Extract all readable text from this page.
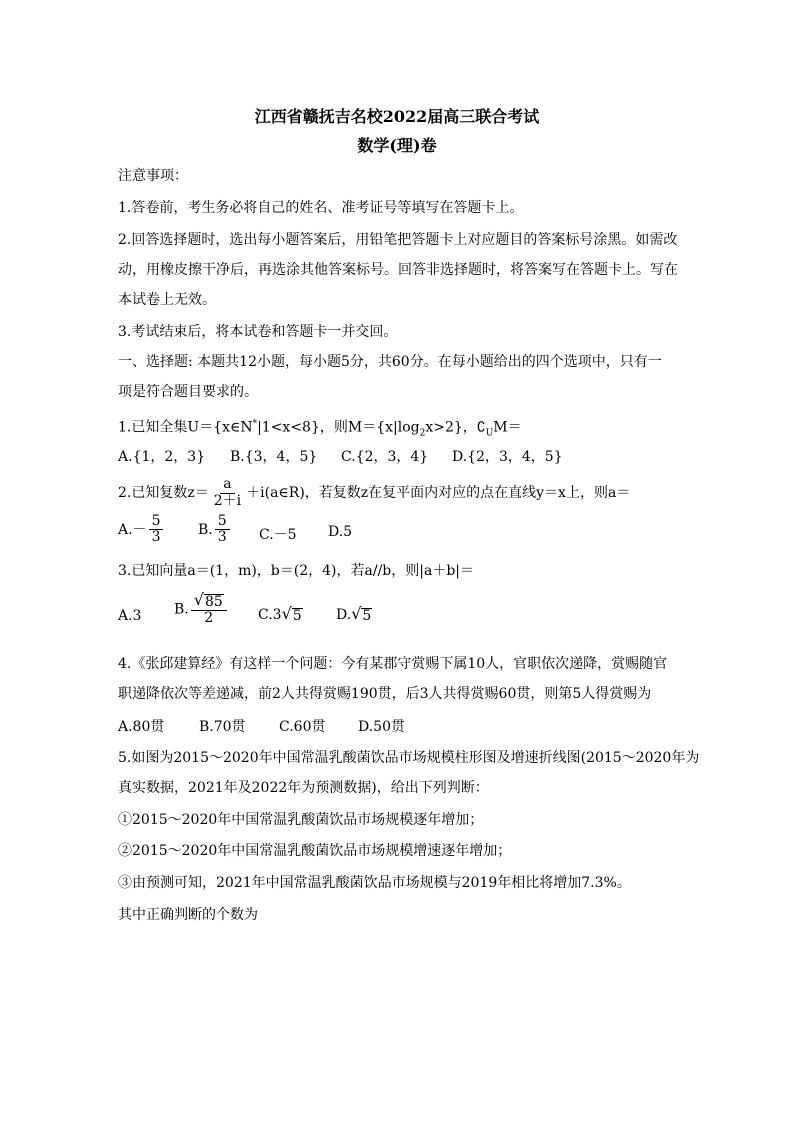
江西省赣抚吉名校2022届高三联合考试
数学(理)卷
注意事项：
1.答卷前，考生务必将自己的姓名、准考证号等填写在答题卡上。
2.回答选择题时，选出每小题答案后，用铅笔把答题卡上对应题目的答案标号涂黑。如需改
动，用橡皮擦干净后，再选涂其他答案标号。回答非选择题时，将答案写在答题卡上。写在
本试卷上无效。
3.考试结束后，将本试卷和答题卡一并交回。
一、选择题: 本题共12小题，每小题5分，共60分。在每小题给出的四个选项中，只有一
项是符合题目要求的。
1.已知全集U＝{x∈N*|1<x<8}，则$M=\{x|\log_2x>2\}$，$∁_UM=$
A.{1，2，3} B.{3，4，5} C.{2，3，4} D.{2，3，4，5}
2.已知复数$z= \frac{a}{2+i}$ ＋i(a∈R)，若复数z在复平面内对应的点在直线y＝x上，则a＝
$A.- \frac{5}{3} B$. $\frac{5}{3} C.-5$ D.5
3.已知向量a＝(1，m)，b＝(2，4)，若a//b，则|a＋b|＝
A.3 B. $\frac{√ 85}{2} C.3$ √ 5 D. √ 5
4.《张邱建算经》有这样一个问题：今有某郡守赏赐下属10人，官职依次递降，赏赐随官
职递降依次等差递减，前2人共得赏赐190贯，后3人共得赏赐60贯，则第5人得赏赐为
A.80贯 B.70贯 C.60贯 D.50贯
5.如图为2015～2020年中国常温乳酸菌饮品市场规模柱形图及增速折线图(2015～2020年为
真实数据，2021年及2022年为预测数据)，给出下列判断：
①2015～2020年中国常温乳酸菌饮品市场规模逐年增加；
②2015～2020年中国常温乳酸菌饮品市场规模增速逐年增加；
③由预测可知，2021年中国常温乳酸菌饮品市场规模与2019年相比将增加7.3%。
其中正确判断的个数为
